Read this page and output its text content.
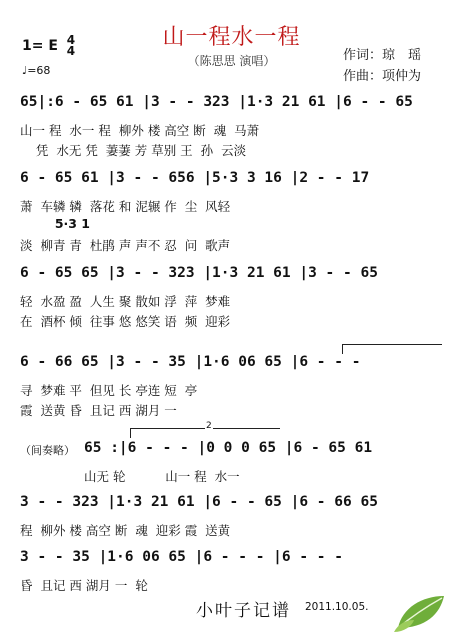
山一程水一程
（陈思思 演唱）
1= E 4
4
♩=68
作词：琼　瑶
作曲：项仲为
65|:6 - 65 61 |3 - - 323 |1·3 21 61 |6 - - 65
山一 程  水一 程  柳外 楼 高空 断  魂  马萧
凭  水无 凭  萋萋 芳 草别 王  孙  云淡
6 - 65 61 |3 - - 656 |5·3 3 16 |2 - - 17
萧  车辚 辚  落花 和 泥辗 作  尘  风轻
5·3 1
淡  柳青 青  杜鹃 声 声不 忍  问  歌声
6 - 65 65 |3 - - 323 |1·3 21 61 |3 - - 65
轻  水盈 盈  人生 聚 散如 浮  萍  梦难
在  酒杯 倾  往事 悠 悠笑 语  频  迎彩
6 - 66 65 |3 - - 35 |1·6 06 65 |6 - - -
寻  梦难 平  但见 长 亭连 短  亭
霞  送黄 昏  且记 西 湖月 一
2
（间奏略） 65 :|6 - - - |0 0 0 65 |6 - 65 61
山无 轮          山一 程  水一
3 - - 323 |1·3 21 61 |6 - - 65 |6 - 66 65
程  柳外 楼 高空 断  魂  迎彩 霞  送黄
3 - - 35 |1·6 06 65 |6 - - - |6 - - -
昏  且记 西 湖月 一  轮
小叶子记谱 2011.10.05.
